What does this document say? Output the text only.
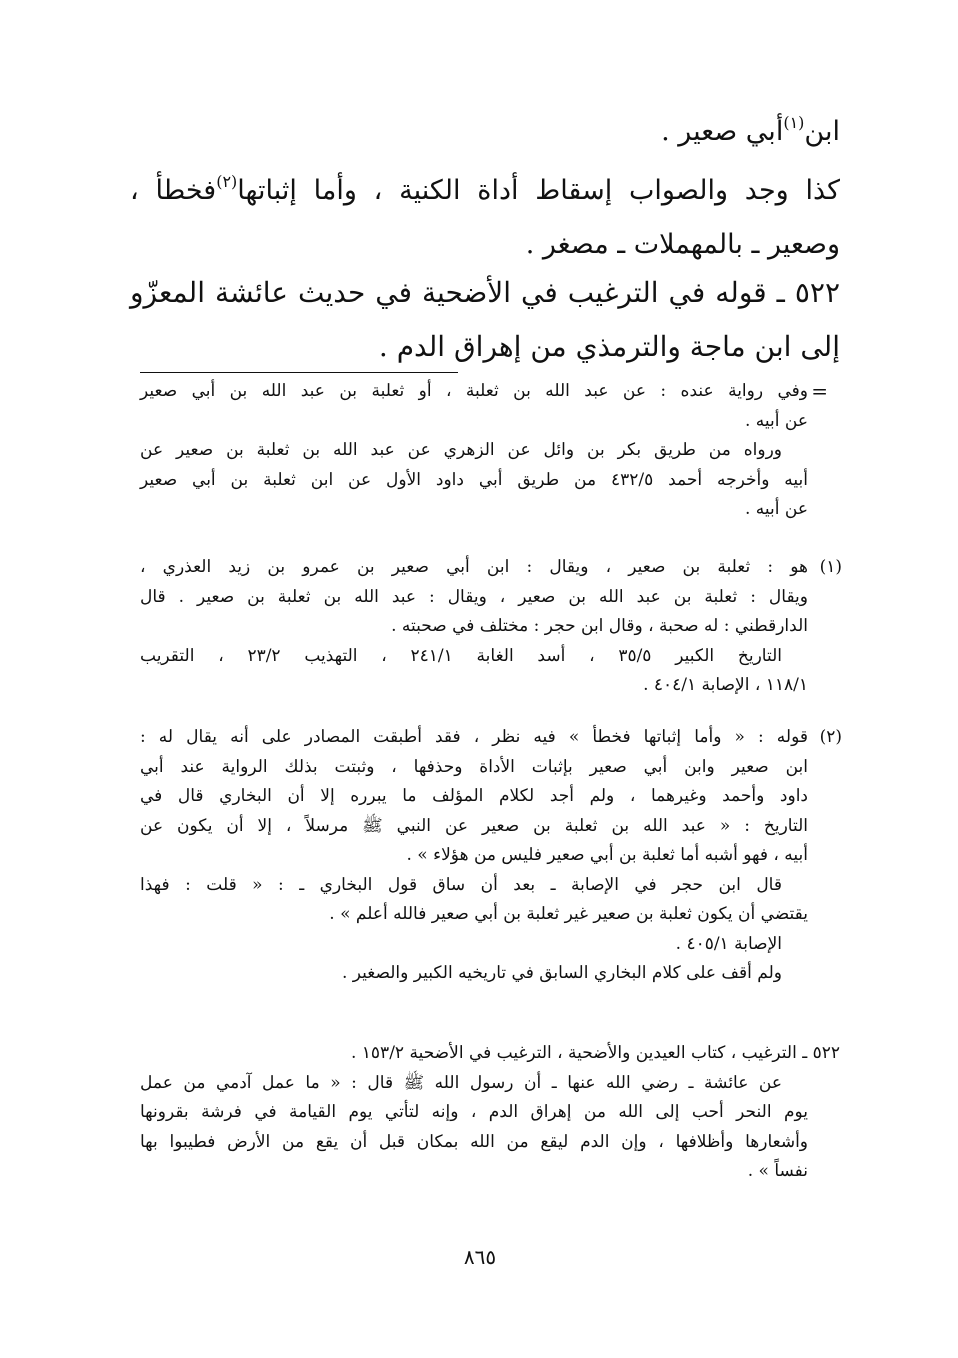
ابن$^{(١)}$أبي صعير .
كذا وجد والصواب إسقاط أداة الكنية ، وأما إثباتها$^{(٢)}$فخطأ ،
وصعير ـ بالمهملات ـ مصغر .
٥٢٢ ـ قوله في الترغيب في الأضحية في حديث عائشة المعزّو
إلى ابن ماجة والترمذي من إهراق الدم .
=
وفي رواية عنده : عن عبد الله بن ثعلبة ، أو ثعلبة بن عبد الله بن أبي صعير
عن أبيه .
ورواه من طريق بكر بن وائل عن الزهري عن عبد الله بن ثعلبة بن صعير عن
أبيه وأخرجه أحمد ٤٣٢/٥ من طريق أبي داود الأول عن ابن ثعلبة بن أبي صعير
عن أبيه .
(١)
هو : ثعلبة بن صعير ، ويقال : ابن أبي صعير بن عمرو بن زيد العذري ،
ويقال : ثعلبة بن عبد الله بن صعير ، ويقال : عبد الله بن ثعلبة بن صعير . قال
الدارقطني : له صحبة ، وقال ابن حجر : مختلف في صحبته .
التاريخ الكبير ٣٥/٥ ، أسد الغابة ٢٤١/١ ، التهذيب ٢٣/٢ ، التقريب
١١٨/١ ، الإصابة ٤٠٤/١ .
(٢)
قوله : « وأما إثباتها فخطأ » فيه نظر ، فقد أطبقت المصادر على أنه يقال له :
ابن صعير وابن أبي صعير بإثبات الأداة وحذفها ، وثبتت بذلك الرواية عند أبي
داود وأحمد وغيرهما ، ولم أجد لكلام المؤلف ما يبرره إلا أن البخاري قال في
التاريخ : « عبد الله بن ثعلبة بن صعير عن النبي ﷺ مرسلاً ، إلا أن يكون عن
أبيه ، فهو أشبه أما ثعلبة بن أبي صعير فليس من هؤلاء » .
قال ابن حجر في الإصابة ـ بعد أن ساق قول البخاري ـ : « قلت : فهذا
يقتضي أن يكون ثعلبة بن صعير غير ثعلبة بن أبي صعير فالله أعلم » .
الإصابة ٤٠٥/١ .
ولم أقف على كلام البخاري السابق في تاريخيه الكبير والصغير .
٥٢٢ ـ الترغيب ، كتاب العيدين والأضحية ، الترغيب في الأضحية ١٥٣/٢ .
عن عائشة ـ رضي الله عنها ـ أن رسول الله ﷺ قال : « ما عمل آدمي من عمل
يوم النحر أحب إلى الله من إهراق الدم ، وإنه لتأتي يوم القيامة في فرشة بقرونها
وأشعارها وأظلافها ، وإن الدم ليقع من الله بمكان قبل أن يقع من الأرض فطيبوا بها
نفساً » .
٨٦٥
